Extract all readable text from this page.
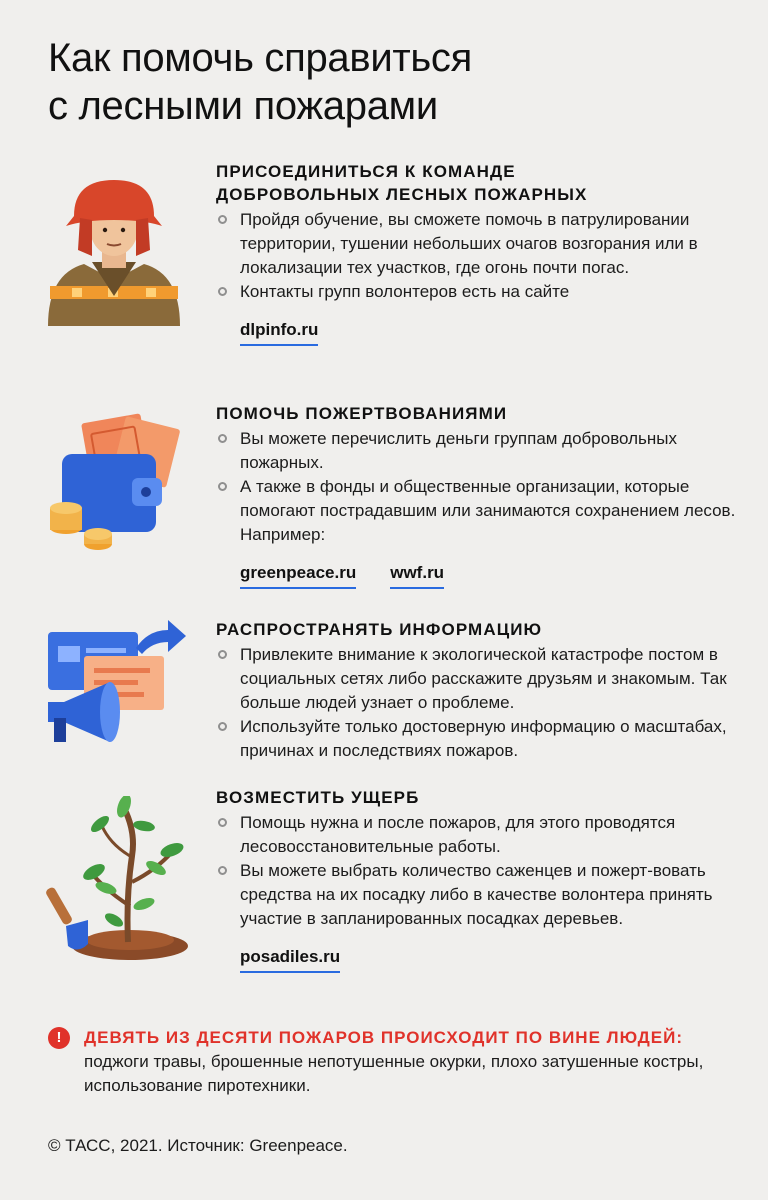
Как помочь справиться
с лесными пожарами
ПРИСОЕДИНИТЬСЯ К КОМАНДЕ
ДОБРОВОЛЬНЫХ ЛЕСНЫХ ПОЖАРНЫХ
Пройдя обучение, вы сможете помочь в патрулировании территории, тушении небольших очагов возгорания или в локализации тех участков, где огонь почти погас.
Контакты групп волонтеров есть на сайте
dlpinfo.ru
ПОМОЧЬ ПОЖЕРТВОВАНИЯМИ
Вы можете перечислить деньги группам добровольных пожарных.
А также в фонды и общественные организации, которые помогают пострадавшим или занимаются сохранением лесов. Например:
greenpeace.ru wwf.ru
РАСПРОСТРАНЯТЬ ИНФОРМАЦИЮ
Привлеките внимание к экологической катастрофе постом в социальных сетях либо расскажите друзьям и знакомым. Так больше людей узнает о проблеме.
Используйте только достоверную информацию о масштабах, причинах и последствиях пожаров.
ВОЗМЕСТИТЬ УЩЕРБ
Помощь нужна и после пожаров, для этого проводятся лесовосстановительные работы.
Вы можете выбрать количество саженцев и пожерт-вовать средства на их посадку либо в качестве волонтера принять участие в запланированных посадках деревьев.
posadiles.ru
!	ДЕВЯТЬ ИЗ ДЕСЯТИ ПОЖАРОВ ПРОИСХОДИТ ПО ВИНЕ ЛЮДЕЙ:
поджоги травы, брошенные непотушенные окурки, плохо затушенные костры, использование пиротехники.
© ТАСС, 2021. Источник: Greenpeace.
